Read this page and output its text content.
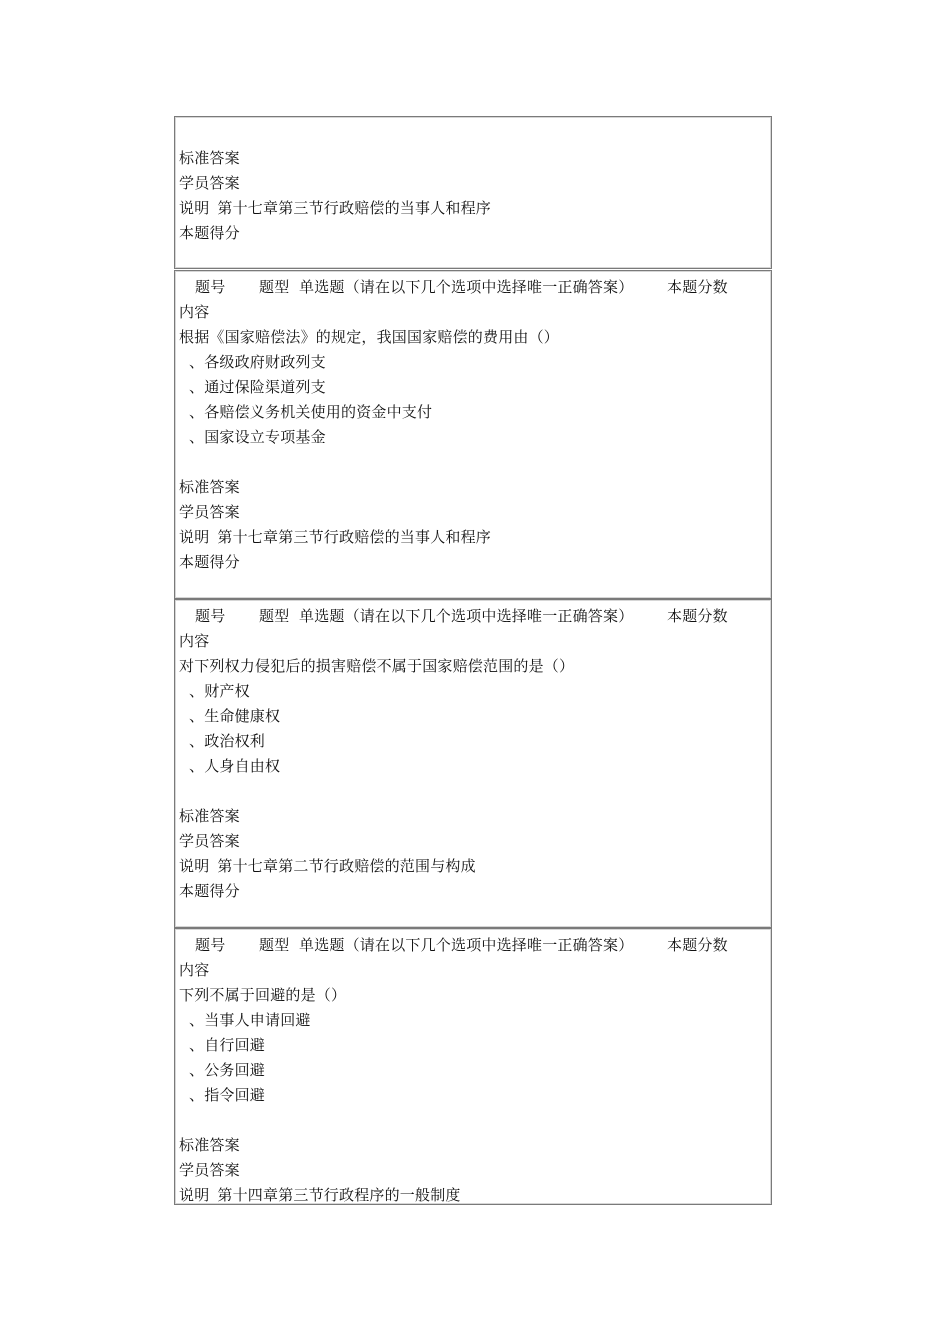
标准答案
学员答案
说明 第十七章第三节行政赔偿的当事人和程序
本题得分
题号 题型 单选题（请在以下几个选项中选择唯一正确答案） 本题分数
内容
根据《国家赔偿法》的规定，我国国家赔偿的费用由（）
、各级政府财政列支
、通过保险渠道列支
、各赔偿义务机关使用的资金中支付
、国家设立专项基金
标准答案
学员答案
说明 第十七章第三节行政赔偿的当事人和程序
本题得分
题号 题型 单选题（请在以下几个选项中选择唯一正确答案） 本题分数
内容
对下列权力侵犯后的损害赔偿不属于国家赔偿范围的是（）
、财产权
、生命健康权
、政治权利
、人身自由权
标准答案
学员答案
说明 第十七章第二节行政赔偿的范围与构成
本题得分
题号 题型 单选题（请在以下几个选项中选择唯一正确答案） 本题分数
内容
下列不属于回避的是（）
、当事人申请回避
、自行回避
、公务回避
、指令回避
标准答案
学员答案
说明 第十四章第三节行政程序的一般制度
